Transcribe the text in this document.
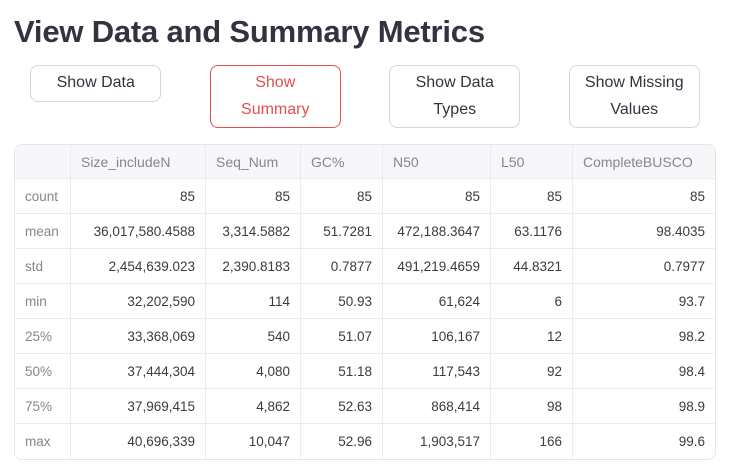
View Data and Summary Metrics
Show Data	Show Summary
Show Data Types
Show Missing Values
	Size_includeN	Seq_Num	GC%	N50	L50	CompleteBUSCO
count	85	85	85	85	85	85
mean	36,017,580.4588	3,314.5882	51.7281	472,188.3647	63.1176	98.4035
std	2,454,639.023	2,390.8183	0.7877	491,219.4659	44.8321	0.7977
min	32,202,590	114	50.93	61,624	6	93.7
25%	33,368,069	540	51.07	106,167	12	98.2
50%	37,444,304	4,080	51.18	117,543	92	98.4
75%	37,969,415	4,862	52.63	868,414	98	98.9
max	40,696,339	10,047	52.96	1,903,517	166	99.6
